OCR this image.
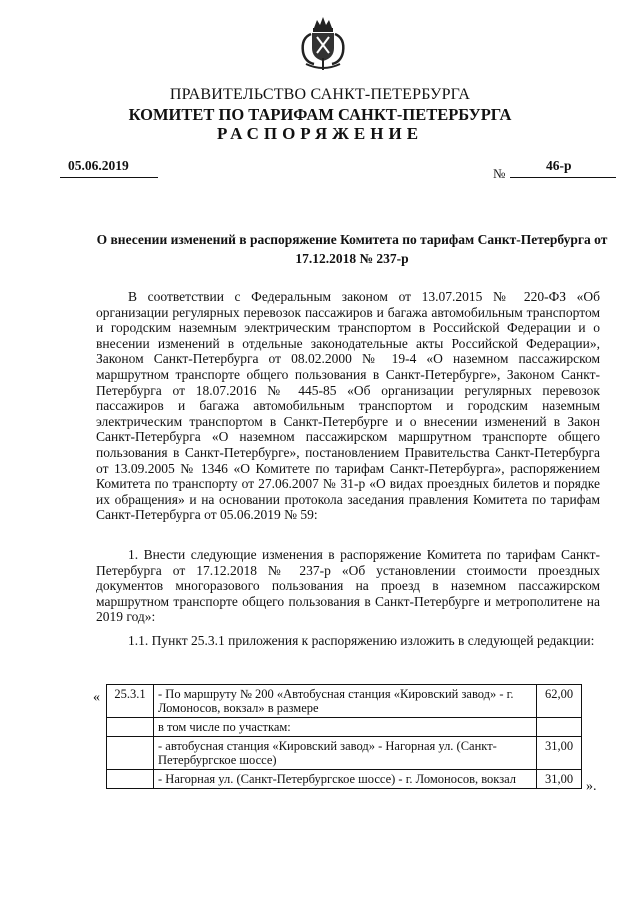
ПРАВИТЕЛЬСТВО САНКТ-ПЕТЕРБУРГА
КОМИТЕТ ПО ТАРИФАМ САНКТ-ПЕТЕРБУРГА
РАСПОРЯЖЕНИЕ
05.06.2019
№
46-р
О внесении изменений в распоряжение Комитета по тарифам Санкт-Петербурга от 17.12.2018 № 237-р
В соответствии с Федеральным законом от 13.07.2015 № 220-ФЗ «Об организации регулярных перевозок пассажиров и багажа автомобильным транспортом и городским наземным электрическим транспортом в Российской Федерации и о внесении изменений в отдельные законодательные акты Российской Федерации», Законом Санкт-Петербурга от 08.02.2000 № 19-4 «О наземном пассажирском маршрутном транспорте общего пользования в Санкт-Петербурге», Законом Санкт-Петербурга от 18.07.2016 № 445-85 «Об организации регулярных перевозок пассажиров и багажа автомобильным транспортом и городским наземным электрическим транспортом в Санкт-Петербурге и о внесении изменений в Закон Санкт-Петербурга «О наземном пассажирском маршрутном транспорте общего пользования в Санкт-Петербурге», постановлением Правительства Санкт-Петербурга от 13.09.2005 № 1346 «О Комитете по тарифам Санкт-Петербурга», распоряжением Комитета по транспорту от 27.06.2007 № 31-р «О видах проездных билетов и порядке их обращения» и на основании протокола заседания правления Комитета по тарифам Санкт-Петербурга от 05.06.2019 № 59:
1. Внести следующие изменения в распоряжение Комитета по тарифам Санкт-Петербурга от 17.12.2018 № 237-р «Об установлении стоимости проездных документов многоразового пользования на проезд в наземном пассажирском маршрутном транспорте общего пользования в Санкт-Петербурге и метрополитене на 2019 год»:
1.1. Пункт 25.3.1 приложения к распоряжению изложить в следующей редакции:
« 25.3.1	- По маршруту № 200 «Автобусная станция «Кировский завод» - г. Ломоносов, вокзал» в размере	62,00
	в том числе по участкам:	
	- автобусная станция «Кировский завод» - Нагорная ул. (Санкт-Петербургское шоссе)	31,00
	- Нагорная ул. (Санкт-Петербургское шоссе) - г. Ломоносов, вокзал	31,00 ».
